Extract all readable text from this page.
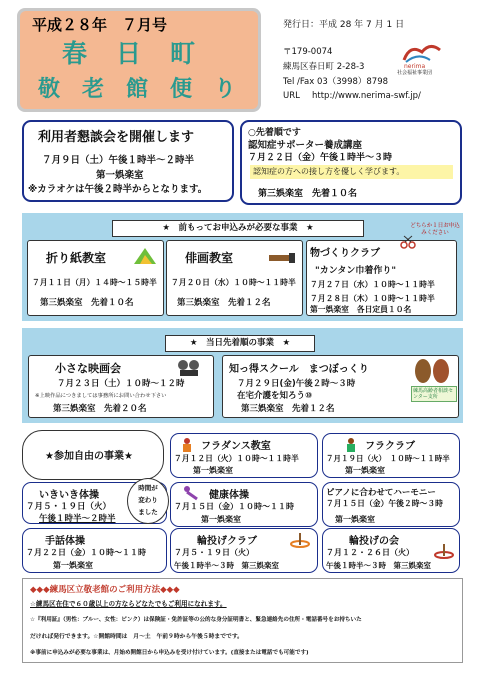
平成２８年　７月号
春　日　町
敬　老　館　便　り
発行日：平成 28 年 7 月 1 日
〒179-0074
練馬区春日町 2-28-3
Tel /Fax 03（3998）8798
URL http://www.nerima-swf.jp/
nerima
社会福祉事業団
利用者懇談会を開催します
７月９日（土）午後１時半～２時半
第一娯楽室
※カラオケは午後２時半からとなります。
○先着順です
認知症サポーター養成講座
７月２２日（金）午後１時半～３時
認知症の方への接し方を優しく学びます。
第三娯楽室　先着１０名
★　前もってお申込みが必要な事業　★
折り紙教室
７月１１日（月）１４時～１５時半
第三娯楽室　先着１０名
俳画教室
７月２０日（水）１０時～１１時半
第三娯楽室　先着１２名
物づくりクラブ
"カンタン巾着作り"
７月２７日（水）１０時～１１時半
７月２８日（木）１０時～１１時半
第一娯楽室　各日定員１０名
どちらか１日お申込みください
★　当日先着順の事業　★
小さな映画会
７月２３日（土）１０時～１２時
※上映作品につきましては事務所にお問い合わせ下さい
第三娯楽室　先着２０名
知っ得スクール　まつぼっくり
７月２９日(金)午後２時～３時
在宅介護を知ろう⑩
第三娯楽室　先着１２名
練馬高齢者相談センター支所
★参加自由の事業★
フラダンス教室
７月１２日（火）１０時～１１時半
第一娯楽室
フラクラブ
７月１９日（火）　１０時～１１時半
第一娯楽室
いきいき体操
７月５・１９日（火）
午後１時半～２時半
時間が
変わり
ました
健康体操
７月１５日（金）１０時～１１時
第一娯楽室
ピアノに合わせてハーモニー
７月１５日（金）午後２時～３時
第一娯楽室
手話体操
７月２２日（金）１０時～１１時
第一娯楽室
輪投げクラブ
７月５・１９日（火）
午後１時半～３時　第三娯楽室
輪投げの会
７月１２・２６日（火）
午後１時半～３時　第三娯楽室
◆◆◆練馬区立敬老館のご利用方法◆◆◆
☆練馬区在住で６０歳以上の方ならどなたでもご利用になれます。
☆『利用証』（男性：ブルー、女性：ピンク）は保険証・免許証等の公的な身分証明書と、緊急連絡先の住所・電話番号をお持ちいた
だければ発行できます。☆開館時間は　月～土　午前９時から午後５時までです。
※事前に申込みが必要な事業は、月始め開館日から申込みを受け付けています。(直接または電話でも可能です)
